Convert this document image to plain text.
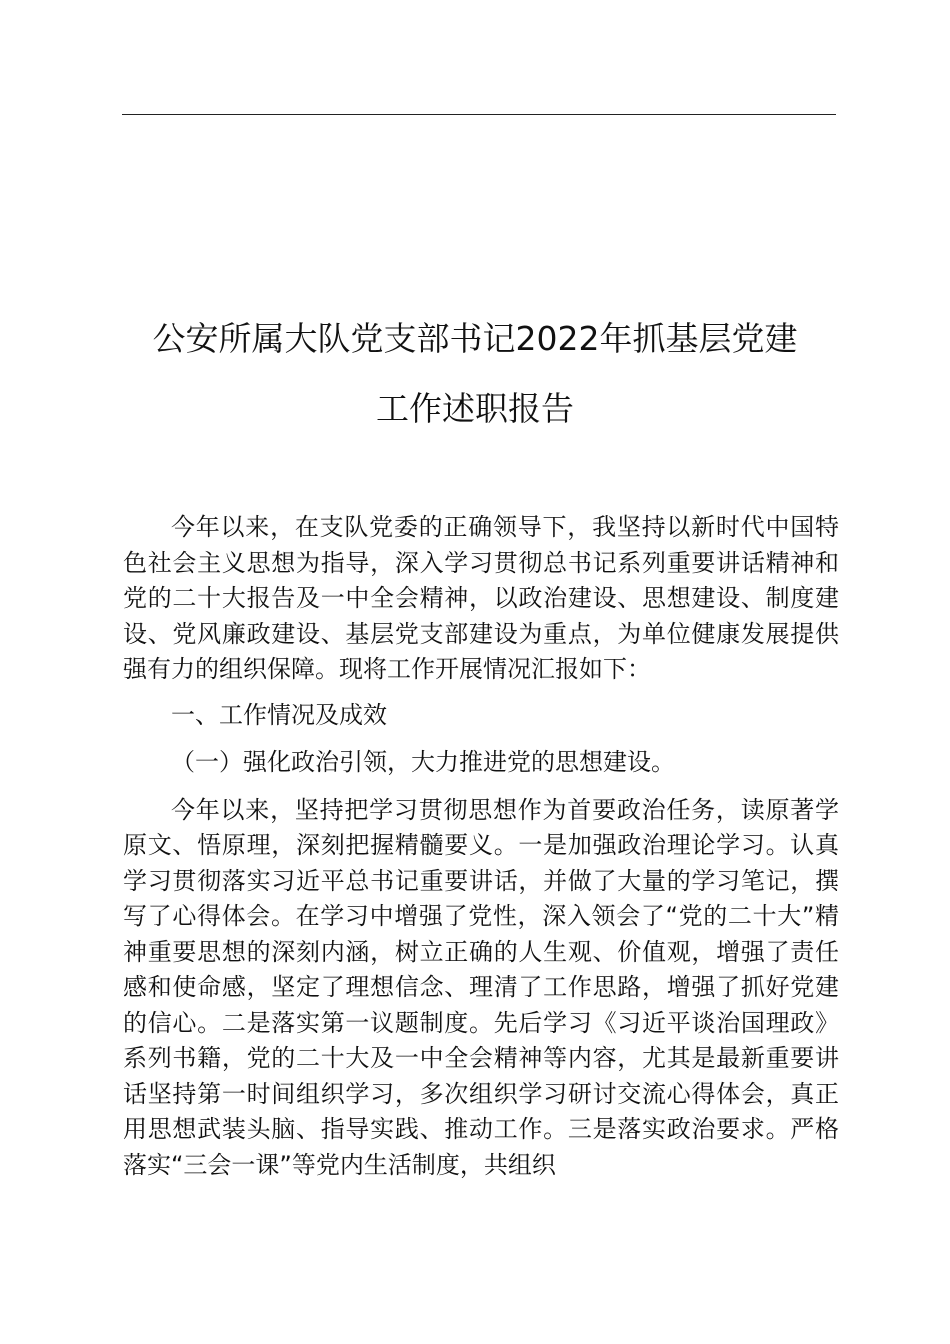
公安所属大队党支部书记2022年抓基层党建
工作述职报告

今年以来，在支队党委的正确领导下，我坚持以新时代中国特色社会主义思想为指导，深入学习贯彻总书记系列重要讲话精神和党的二十大报告及一中全会精神，以政治建设、思想建设、制度建设、党风廉政建设、基层党支部建设为重点，为单位健康发展提供强有力的组织保障。现将工作开展情况汇报如下：

一、工作情况及成效

（一）强化政治引领，大力推进党的思想建设。

今年以来，坚持把学习贯彻思想作为首要政治任务，读原著学原文、悟原理，深刻把握精髓要义。一是加强政治理论学习。认真学习贯彻落实习近平总书记重要讲话，并做了大量的学习笔记，撰写了心得体会。在学习中增强了党性，深入领会了“党的二十大”精神重要思想的深刻内涵，树立正确的人生观、价值观，增强了责任感和使命感，坚定了理想信念、理清了工作思路，增强了抓好党建的信心。二是落实第一议题制度。先后学习《习近平谈治国理政》系列书籍，党的二十大及一中全会精神等内容，尤其是最新重要讲话坚持第一时间组织学习，多次组织学习研讨交流心得体会，真正用思想武装头脑、指导实践、推动工作。三是落实政治要求。严格落实“三会一课”等党内生活制度，共组织
